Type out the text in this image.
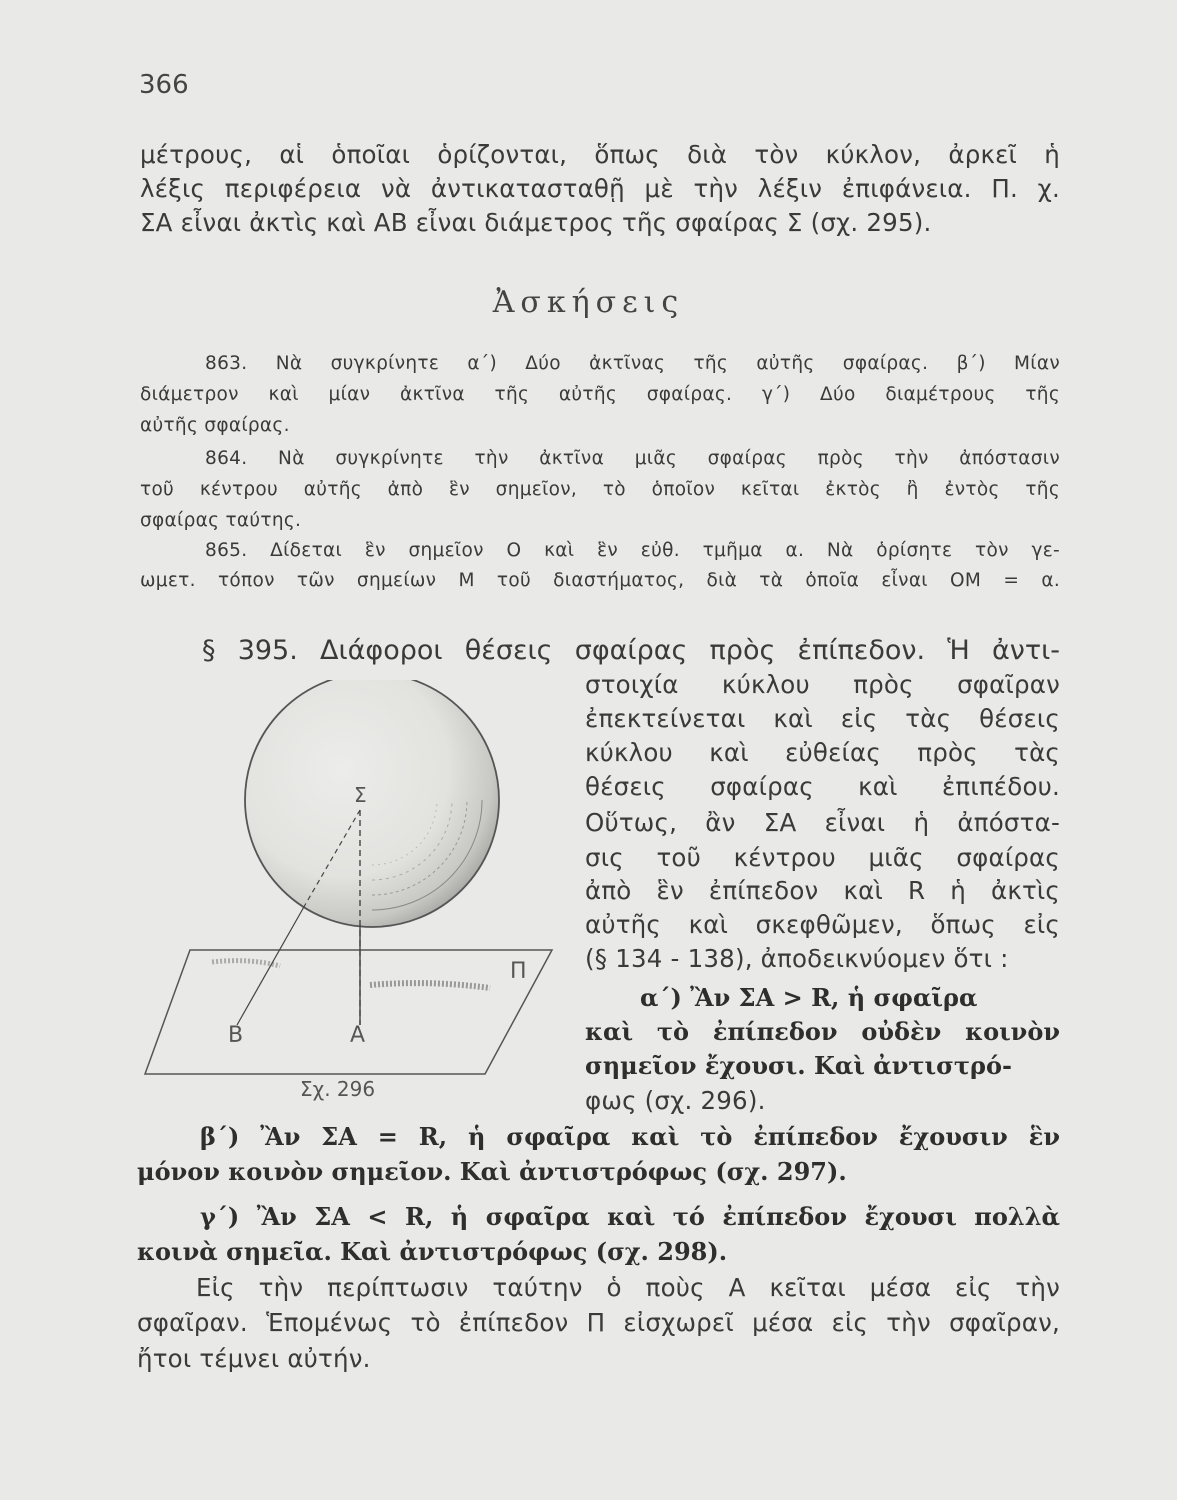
366
μέτρους, αἱ ὁποῖαι ὁρίζονται, ὅπως διὰ τὸν κύκλον, ἀρκεῖ ἡ
λέξις περιφέρεια νὰ ἀντικατασταθῇ μὲ τὴν λέξιν ἐπιφάνεια. Π. χ.
ΣΑ εἶναι ἀκτὶς καὶ ΑΒ εἶναι διάμετρος τῆς σφαίρας Σ (σχ. 295).
Ἀσκήσεις
863. Νὰ συγκρίνητε α΄) Δύο ἀκτῖνας τῆς αὐτῆς σφαίρας. β΄) Μίαν
διάμετρον καὶ μίαν ἀκτῖνα τῆς αὐτῆς σφαίρας. γ΄) Δύο διαμέτρους τῆς
αὐτῆς σφαίρας.
864. Νὰ συγκρίνητε τὴν ἀκτῖνα μιᾶς σφαίρας πρὸς τὴν ἀπόστασιν
τοῦ κέντρου αὐτῆς ἀπὸ ἓν σημεῖον, τὸ ὁποῖον κεῖται ἐκτὸς ἢ ἐντὸς τῆς
σφαίρας ταύτης.
865. Δίδεται ἓν σημεῖον Ο καὶ ἓν εὐθ. τμῆμα α. Νὰ ὁρίσητε τὸν γε-
ωμετ. τόπον τῶν σημείων Μ τοῦ διαστήματος, διὰ τὰ ὁποῖα εἶναι ΟΜ = α.
§ 395. Διάφοροι θέσεις σφαίρας πρὸς ἐπίπεδον. Ἡ ἀντι-
στοιχία κύκλου πρὸς σφαῖραν
ἐπεκτείνεται καὶ εἰς τὰς θέσεις
κύκλου καὶ εὐθείας πρὸς τὰς
θέσεις σφαίρας καὶ ἐπιπέδου.
Οὕτως, ἂν ΣΑ εἶναι ἡ ἀπόστα-
σις τοῦ κέντρου μιᾶς σφαίρας
ἀπὸ ἓν ἐπίπεδον καὶ R ἡ ἀκτὶς
αὐτῆς καὶ σκεφθῶμεν, ὅπως εἰς
(§ 134 - 138), ἀποδεικνύομεν ὅτι :
α΄) Ἂν ΣΑ > R, ἡ σφαῖρα
καὶ τὸ ἐπίπεδον οὐδὲν κοινὸν
σημεῖον ἔχουσι. Καὶ ἀντιστρό-
φως (σχ. 296).
β΄) Ἂν ΣΑ = R, ἡ σφαῖρα καὶ τὸ ἐπίπεδον ἔχουσιν ἓν
μόνον κοινὸν σημεῖον. Καὶ ἀντιστρόφως (σχ. 297).
γ΄) Ἂν ΣΑ < R, ἡ σφαῖρα καὶ τό ἐπίπεδον ἔχουσι πολλὰ
κοινὰ σημεῖα. Καὶ ἀντιστρόφως (σχ. 298).
Εἰς τὴν περίπτωσιν ταύτην ὁ ποὺς Α κεῖται μέσα εἰς τὴν
σφαῖραν. Ἑπομένως τὸ ἐπίπεδον Π εἰσχωρεῖ μέσα εἰς τὴν σφαῖραν,
ἤτοι τέμνει αὐτήν.
Σ
Π
Β	Α
Σχ. 296
